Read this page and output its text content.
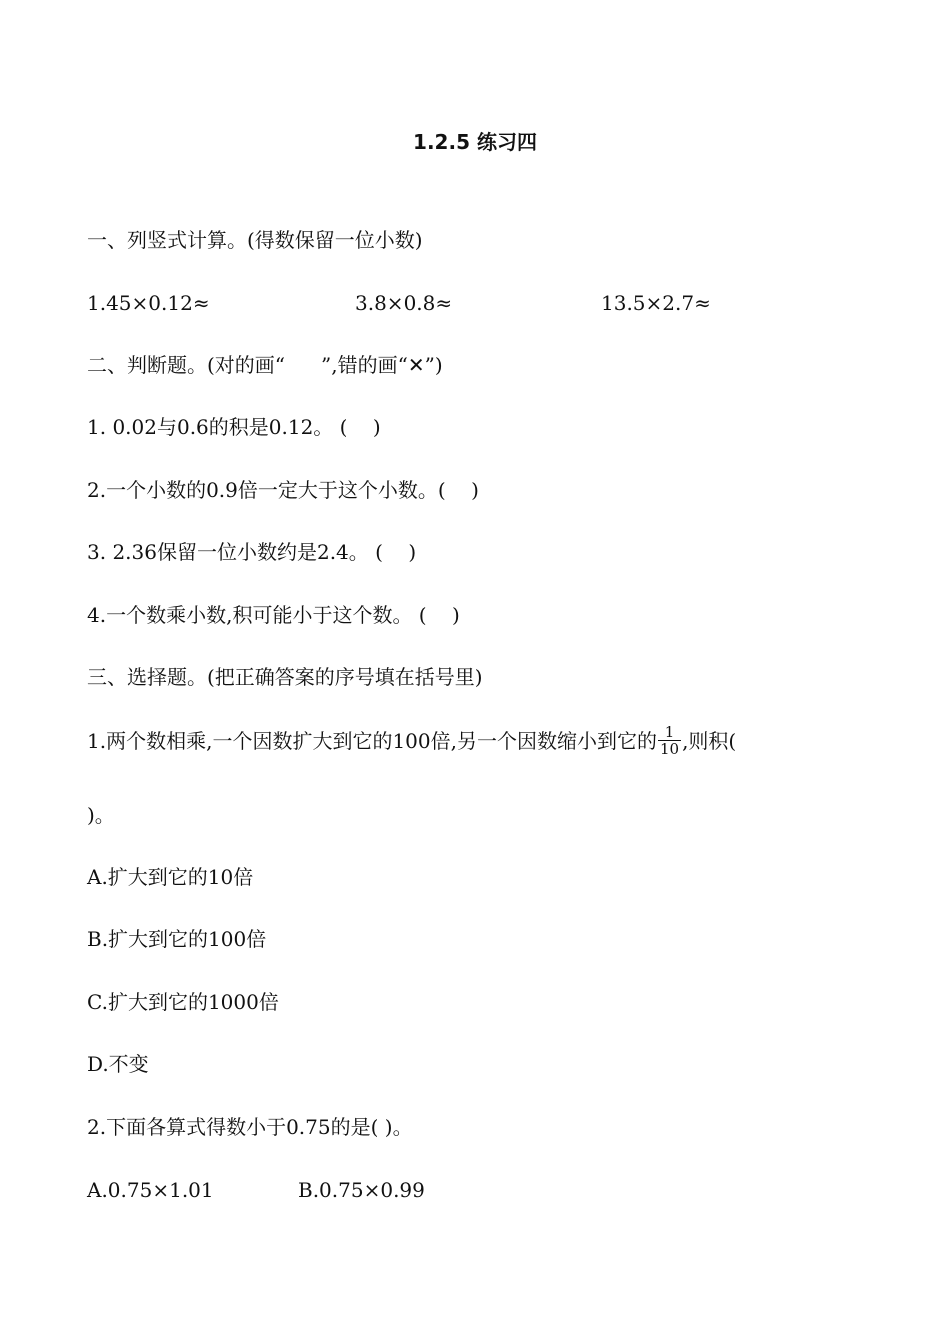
1.2.5 练习四
一、列竖式计算。(得数保留一位小数)
1.45×0.12≈	3.8×0.8≈	13.5×2.7≈
二、判断题。(对的画“ ”,错的画“✕”)
1. 0.02与0.6的积是0.12。 (    )
2.一个小数的0.9倍一定大于这个小数。(    )
3. 2.36保留一位小数约是2.4。 (    )
4.一个数乘小数,积可能小于这个数。 (    )
三、选择题。(把正确答案的序号填在括号里)
1.两个数相乘,一个因数扩大到它的100倍,另一个因数缩小到它的 $\frac{1}{10}$ ,则积(
)。
A.扩大到它的10倍
B.扩大到它的100倍
C.扩大到它的1000倍
D.不变
2.下面各算式得数小于0.75的是( )。
A.0.75×1.01	B.0.75×0.99
